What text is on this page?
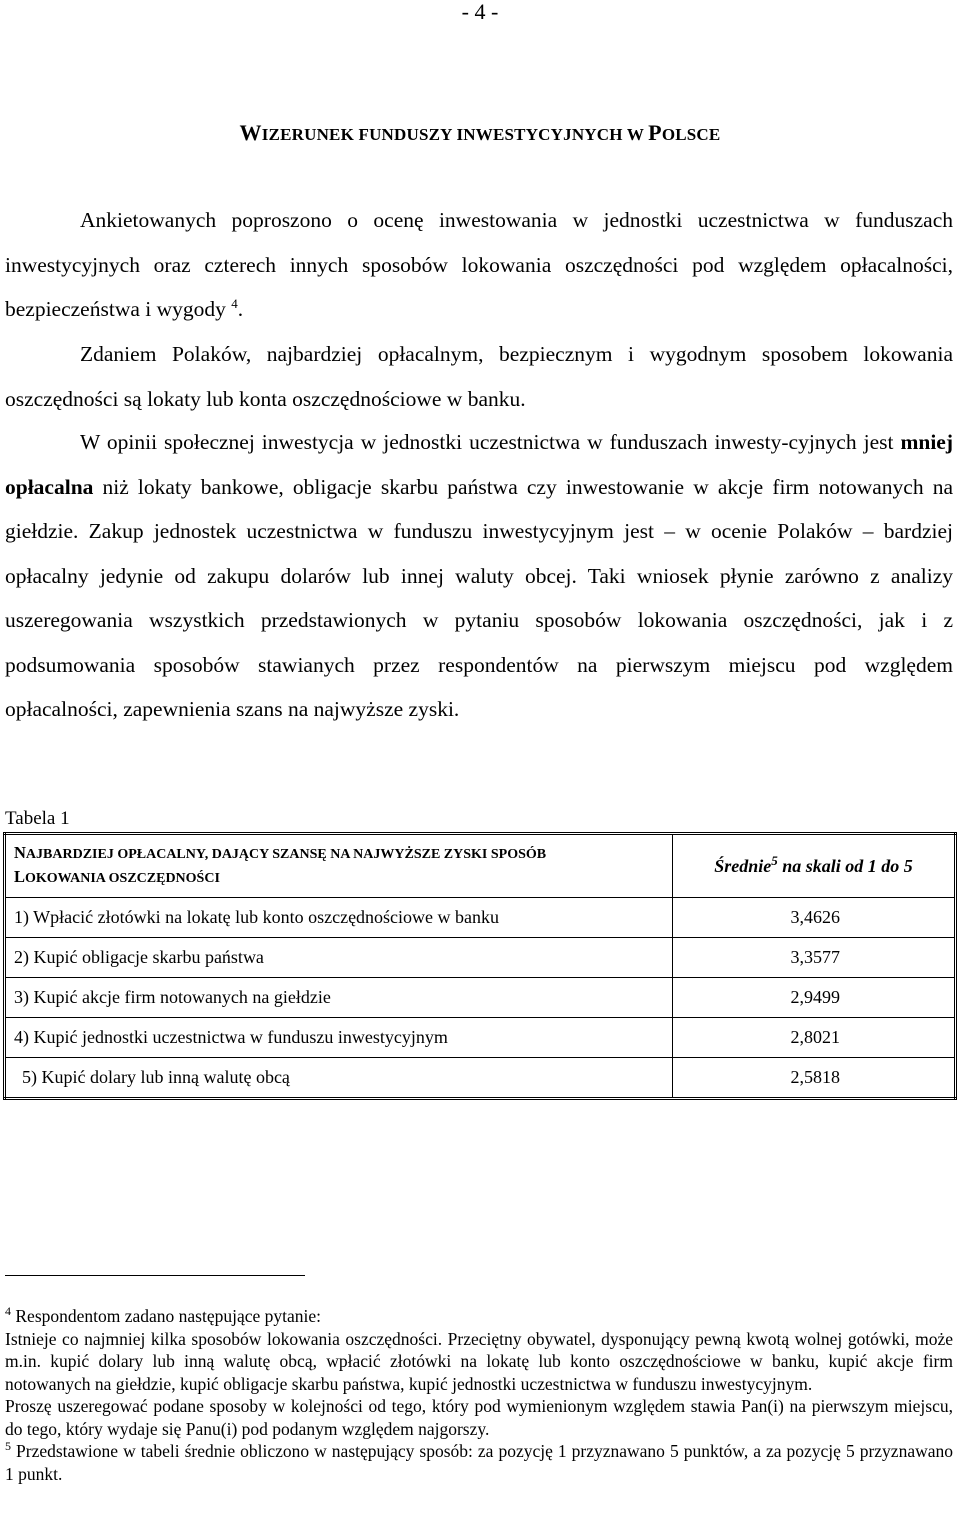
- 4 -
WIZERUNEK FUNDUSZY INWESTYCYJNYCH W POLSCE
Ankietowanych poproszono o ocenę inwestowania w jednostki uczestnictwa w funduszach inwestycyjnych oraz czterech innych sposobów lokowania oszczędności pod względem opłacalności, bezpieczeństwa i wygody $^4$.
Zdaniem Polaków, najbardziej opłacalnym, bezpiecznym i wygodnym sposobem lokowania oszczędności są lokaty lub konta oszczędnościowe w banku.
W opinii społecznej inwestycja w jednostki uczestnictwa w funduszach inwesty-cyjnych jest mniej opłacalna niż lokaty bankowe, obligacje skarbu państwa czy inwestowanie w akcje firm notowanych na giełdzie. Zakup jednostek uczestnictwa w funduszu inwestycyjnym jest – w ocenie Polaków – bardziej opłacalny jedynie od zakupu dolarów lub innej waluty obcej. Taki wniosek płynie zarówno z analizy uszeregowania wszystkich przedstawionych w pytaniu sposobów lokowania oszczędności, jak i z podsumowania sposobów stawianych przez respondentów na pierwszym miejscu pod względem opłacalności, zapewnienia szans na najwyższe zyski.
Tabela 1
NAJBARDZIEJ OPŁACALNY, DAJĄCY SZANSĘ NA NAJWYŻSZE ZYSKI SPOSÓB
LOKOWANIA OSZCZĘDNOŚCI	Średnie$^5$ na skali od 1 do 5
1) Wpłacić złotówki na lokatę lub konto oszczędnościowe w banku	3,4626
2) Kupić obligacje skarbu państwa	3,3577
3) Kupić akcje firm notowanych na giełdzie	2,9499
4) Kupić jednostki uczestnictwa w funduszu inwestycyjnym	2,8021
5) Kupić dolary lub inną walutę obcą	2,5818

$^4$ Respondentom zadano następujące pytanie:

Istnieje co najmniej kilka sposobów lokowania oszczędności. Przeciętny obywatel, dysponujący pewną kwotą wolnej gotówki, może m.in. kupić dolary lub inną walutę obcą, wpłacić złotówki na lokatę lub konto oszczędnościowe w banku, kupić akcje firm notowanych na giełdzie, kupić obligacje skarbu państwa, kupić jednostki uczestnictwa w funduszu inwestycyjnym.

Proszę uszeregować podane sposoby w kolejności od tego, który pod wymienionym względem stawia Pan(i) na pierwszym miejscu, do tego, który wydaje się Panu(i) pod podanym względem najgorszy.

$^5$ Przedstawione w tabeli średnie obliczono w następujący sposób: za pozycję 1 przyznawano 5 punktów, a za pozycję 5 przyznawano 1 punkt.
